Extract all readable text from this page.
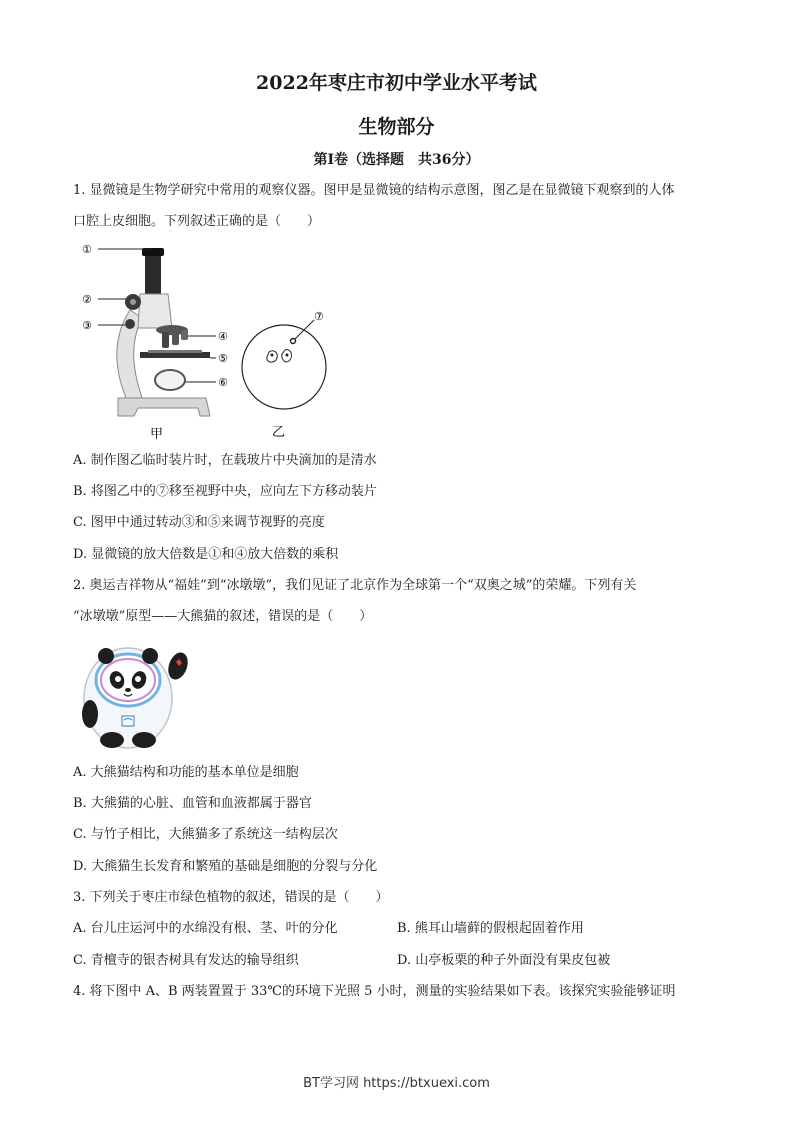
2022年枣庄市初中学业水平考试
生物部分
第Ⅰ卷（选择题　共36分）
1. 显微镜是生物学研究中常用的观察仪器。图甲是显微镜的结构示意图，图乙是在显微镜下观察到的人体
口腔上皮细胞。下列叙述正确的是（　　）
①
②
③
④
⑤
⑥
甲
⑦
乙
A. 制作图乙临时装片时，在载玻片中央滴加的是清水
B. 将图乙中的⑦移至视野中央，应向左下方移动装片
C. 图甲中通过转动③和⑤来调节视野的亮度
D. 显微镜的放大倍数是①和④放大倍数的乘积
2. 奥运吉祥物从“福娃”到“冰墩墩”，我们见证了北京作为全球第一个“双奥之城”的荣耀。下列有关
“冰墩墩”原型——大熊猫的叙述，错误的是（　　）
A. 大熊猫结构和功能的基本单位是细胞
B. 大熊猫的心脏、血管和血液都属于器官
C. 与竹子相比，大熊猫多了系统这一结构层次
D. 大熊猫生长发育和繁殖的基础是细胞的分裂与分化
3. 下列关于枣庄市绿色植物的叙述，错误的是（　　）
A. 台儿庄运河中的水绵没有根、茎、叶的分化	B. 熊耳山墙藓的假根起固着作用
C. 青檀寺的银杏树具有发达的输导组织	D. 山亭板栗的种子外面没有果皮包被
4. 将下图中 A、B 两装置置于 33℃的环境下光照 5 小时，测量的实验结果如下表。该探究实验能够证明
BT学习网 https://btxuexi.com
